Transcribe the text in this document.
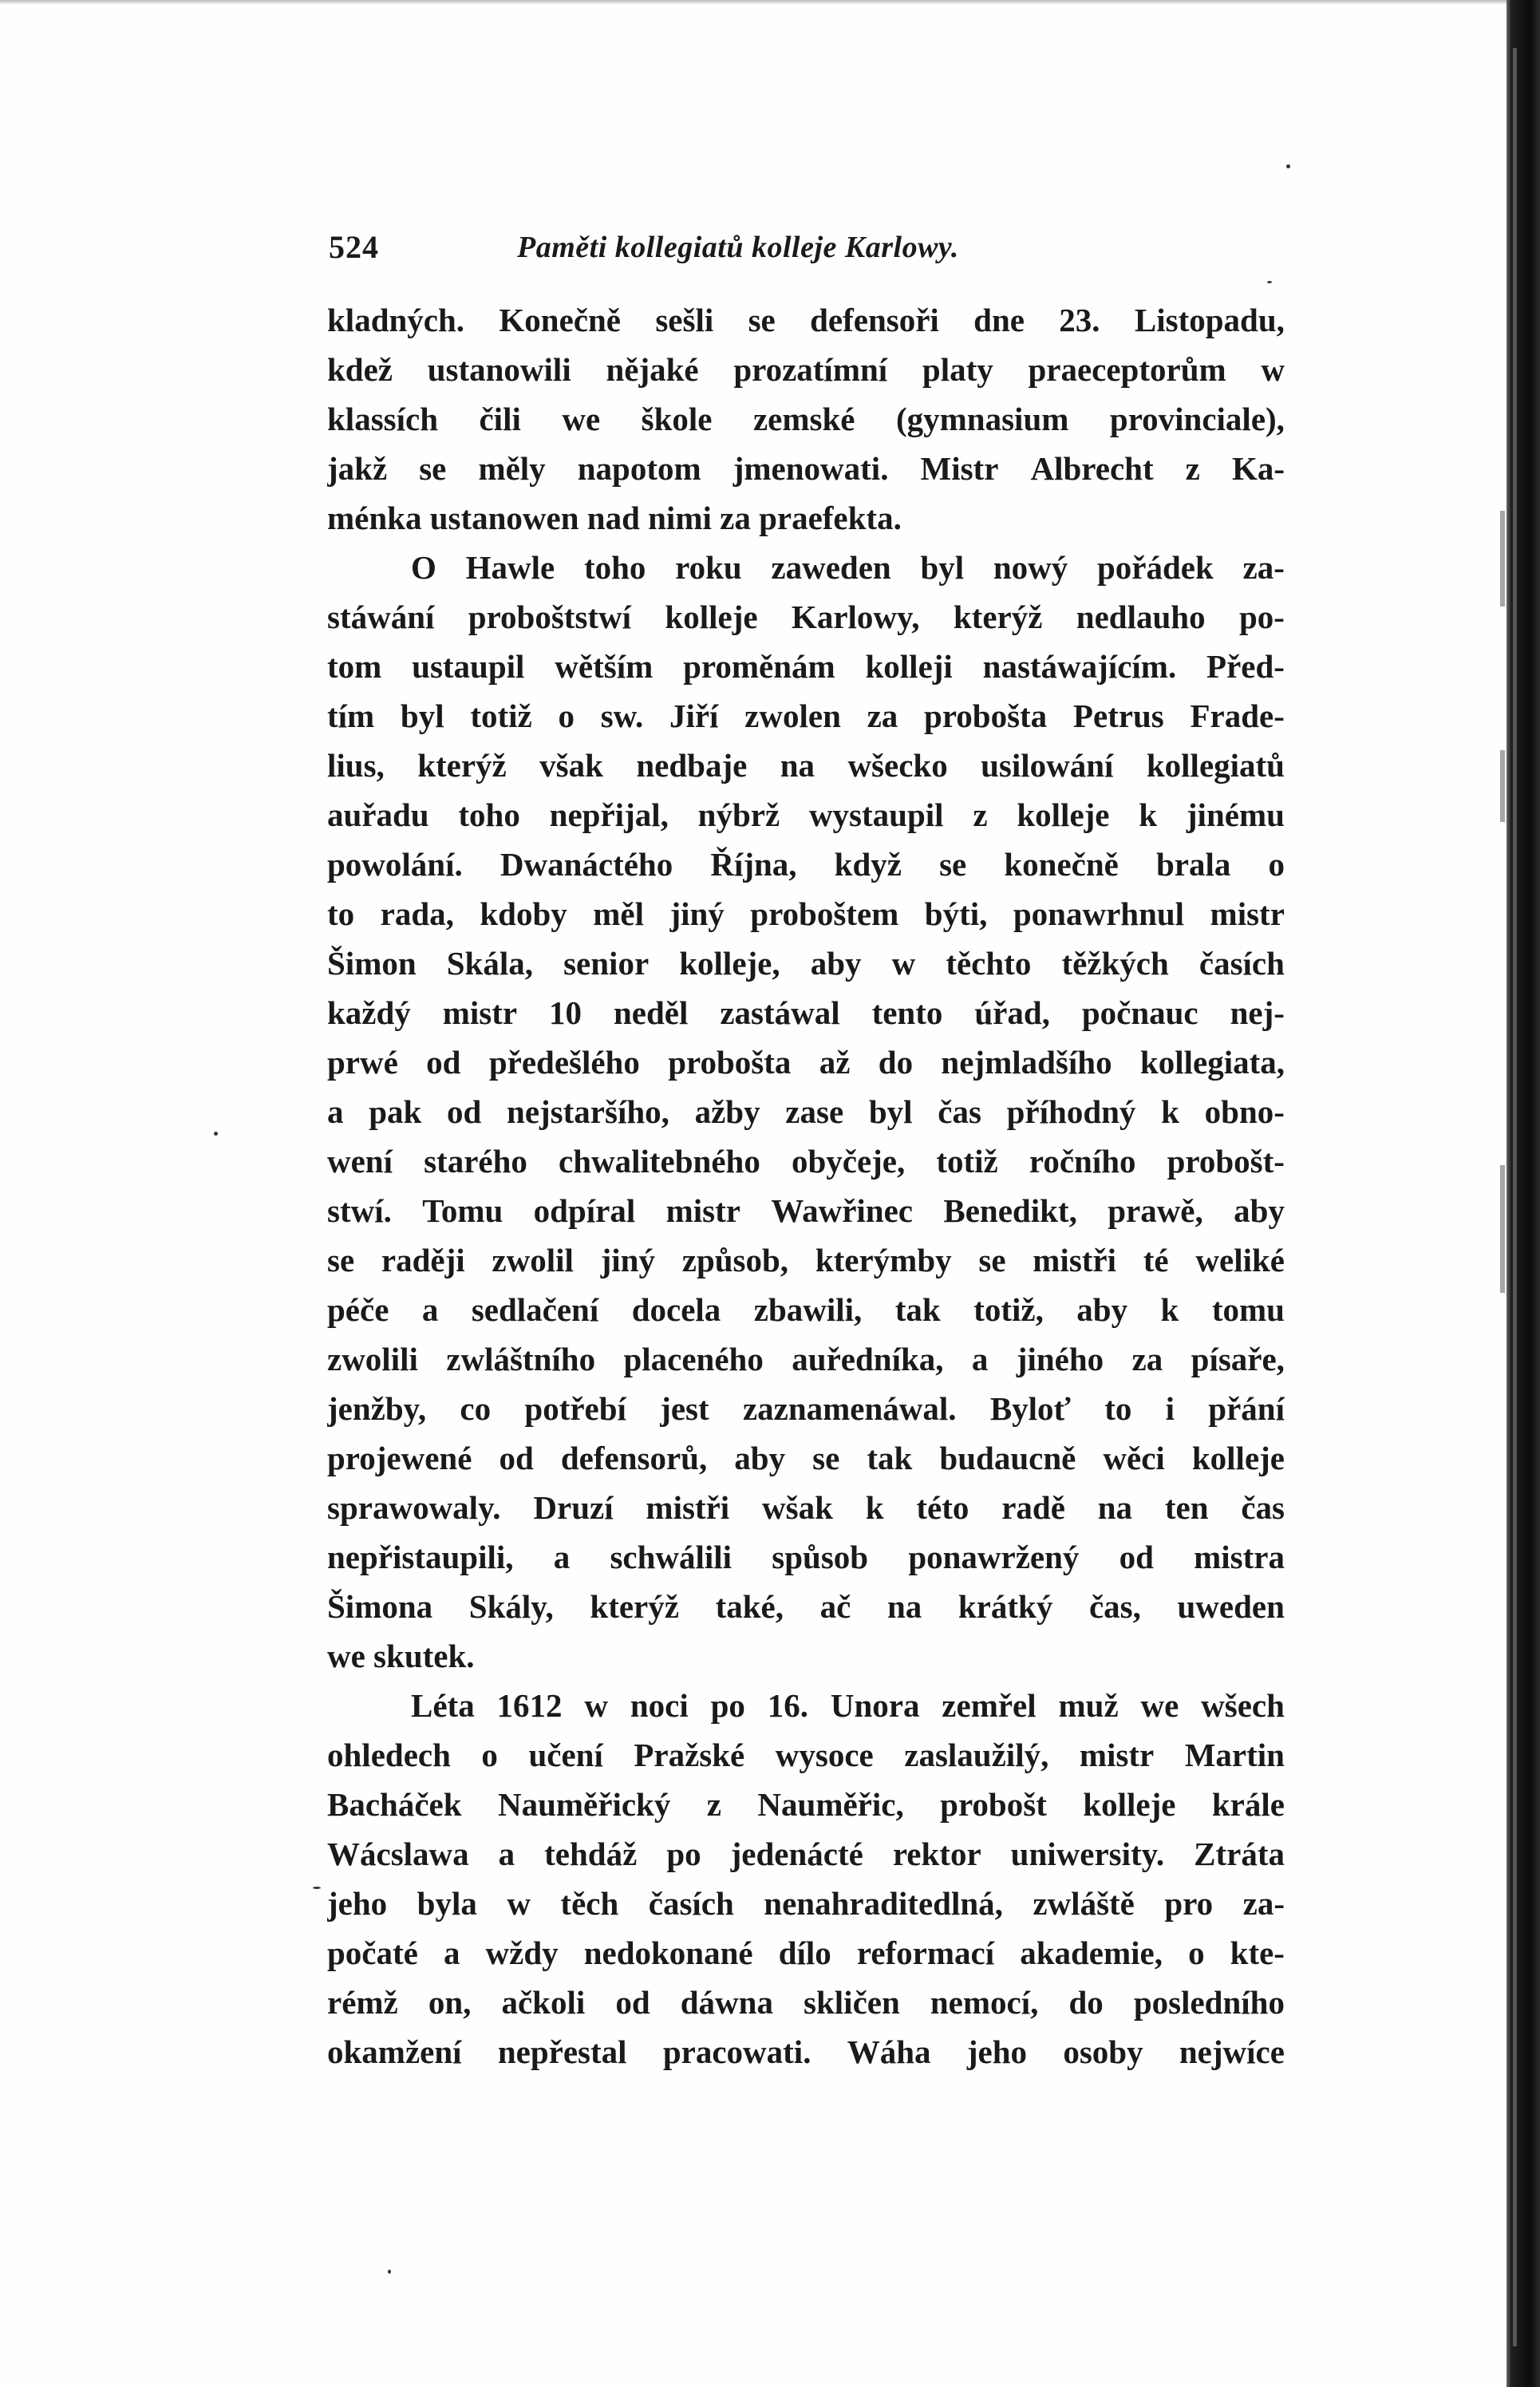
524	Paměti kollegiatů kolleje Karlowy.
kladných. Konečně sešli se defensoři dne 23. Listopadu,
kdež ustanowili nějaké prozatímní platy praeceptorům w
klassích čili we škole zemské (gymnasium provinciale),
jakž se měly napotom jmenowati. Mistr Albrecht z Ka-
ménka ustanowen nad nimi za praefekta.
O Hawle toho roku zaweden byl nowý pořádek za-
stáwání proboštstwí kolleje Karlowy, kterýž nedlauho po-
tom ustaupil wětším proměnám kolleji nastáwajícím. Před-
tím byl totiž o sw. Jiří zwolen za probošta Petrus Frade-
lius, kterýž však nedbaje na wšecko usilowání kollegiatů
auřadu toho nepřijal, nýbrž wystaupil z kolleje k jinému
powolání. Dwanáctého Října, když se konečně brala o
to rada, kdoby měl jiný proboštem býti, ponawrhnul mistr
Šimon Skála, senior kolleje, aby w těchto těžkých časích
každý mistr 10 neděl zastáwal tento úřad, počnauc nej-
prwé od předešlého probošta až do nejmladšího kollegiata,
a pak od nejstaršího, ažby zase byl čas příhodný k obno-
wení starého chwalitebného obyčeje, totiž ročního probošt-
stwí. Tomu odpíral mistr Wawřinec Benedikt, prawě, aby
se raději zwolil jiný způsob, kterýmby se mistři té weliké
péče a sedlačení docela zbawili, tak totiž, aby k tomu
zwolili zwláštního placeného auředníka, a jiného za písaře,
jenžby, co potřebí jest zaznamenáwal. Byloť to i přání
projewené od defensorů, aby se tak budaucně wěci kolleje
sprawowaly. Druzí mistři wšak k této radě na ten čas
nepřistaupili, a schwálili spůsob ponawržený od mistra
Šimona Skály, kterýž také, ač na krátký čas, uweden
we skutek.
Léta 1612 w noci po 16. Unora zemřel muž we wšech
ohledech o učení Pražské wysoce zaslaužilý, mistr Martin
Bacháček Nauměřický z Nauměřic, probošt kolleje krále
Wácslawa a tehdáž po jedenácté rektor uniwersity. Ztráta
jeho byla w těch časích nenahraditedlná, zwláště pro za-
počaté a wždy nedokonané dílo reformací akademie, o kte-
rémž on, ačkoli od dáwna skličen nemocí, do posledního
okamžení nepřestal pracowati. Wáha jeho osoby nejwíce
